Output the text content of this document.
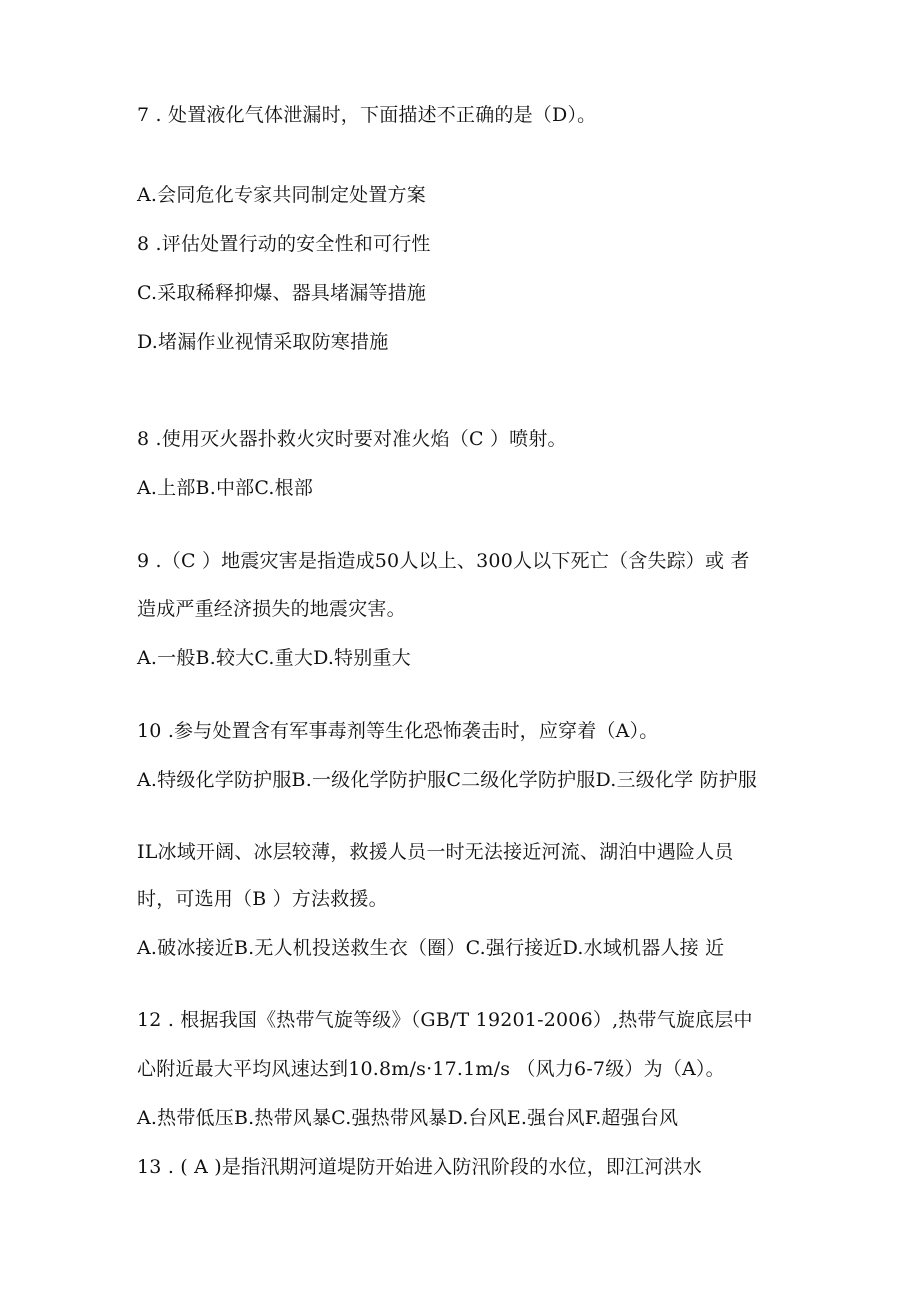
7 . 处置液化气体泄漏时，下面描述不正确的是（D）。
A.会同危化专家共同制定处置方案
8 .评估处置行动的安全性和可行性
C.采取稀释抑爆、器具堵漏等措施
D.堵漏作业视情采取防寒措施
8 .使用灭火器扑救火灾时要对准火焰（C ）喷射。
A.上部B.中部C.根部
9 .（C ）地震灾害是指造成50人以上、300人以下死亡（含失踪）或 者
造成严重经济损失的地震灾害。
A.一般B.较大C.重大D.特别重大
10 .参与处置含有军事毒剂等生化恐怖袭击时，应穿着（A）。
A.特级化学防护服B.一级化学防护服C二级化学防护服D.三级化学 防护服
IL冰域开阔、冰层较薄，救援人员一时无法接近河流、湖泊中遇险人员
时，可选用（B ）方法救援。
A.破冰接近B.无人机投送救生衣（圈）C.强行接近D.水域机器人接 近
12 . 根据我国《热带气旋等级》（GB/T 19201-2006）,热带气旋底层中
心附近最大平均风速达到10.8m/s·17.1m/s （风力6-7级）为（A）。
A.热带低压B.热带风暴C.强热带风暴D.台风E.强台风F.超强台风
13 . ( A )是指汛期河道堤防开始进入防汛阶段的水位，即江河洪水
